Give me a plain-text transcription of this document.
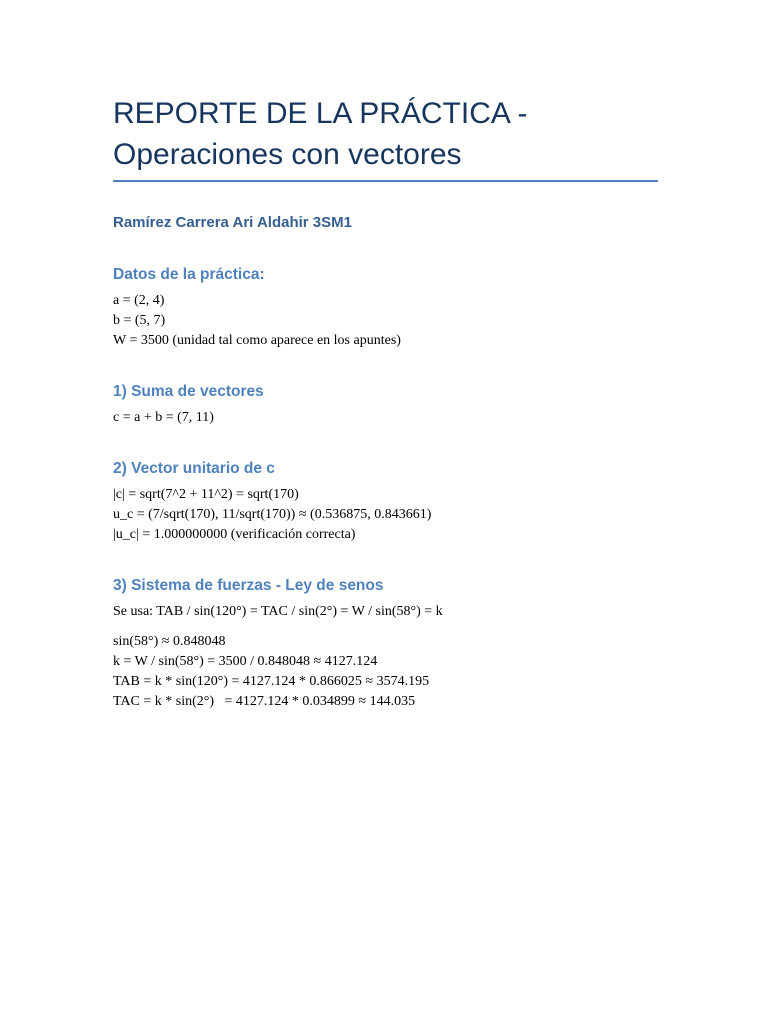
REPORTE DE LA PRÁCTICA -
Operaciones con vectores

Ramírez Carrera Ari Aldahir 3SM1

Datos de la práctica:

a = (2, 4)

b = (5, 7)

W = 3500 (unidad tal como aparece en los apuntes)

1) Suma de vectores

c = a + b = (7, 11)

2) Vector unitario de c

|c| = sqrt(7^2 + 11^2) = sqrt(170)

u_c = (7/sqrt(170), 11/sqrt(170)) ≈ (0.536875, 0.843661)

|u_c| = 1.000000000 (verificación correcta)

3) Sistema de fuerzas - Ley de senos

Se usa: TAB / sin(120°) = TAC / sin(2°) = W / sin(58°) = k

sin(58°) ≈ 0.848048

k = W / sin(58°) = 3500 / 0.848048 ≈ 4127.124

TAB = k * sin(120°) = 4127.124 * 0.866025 ≈ 3574.195

TAC = k * sin(2°)   = 4127.124 * 0.034899 ≈ 144.035
